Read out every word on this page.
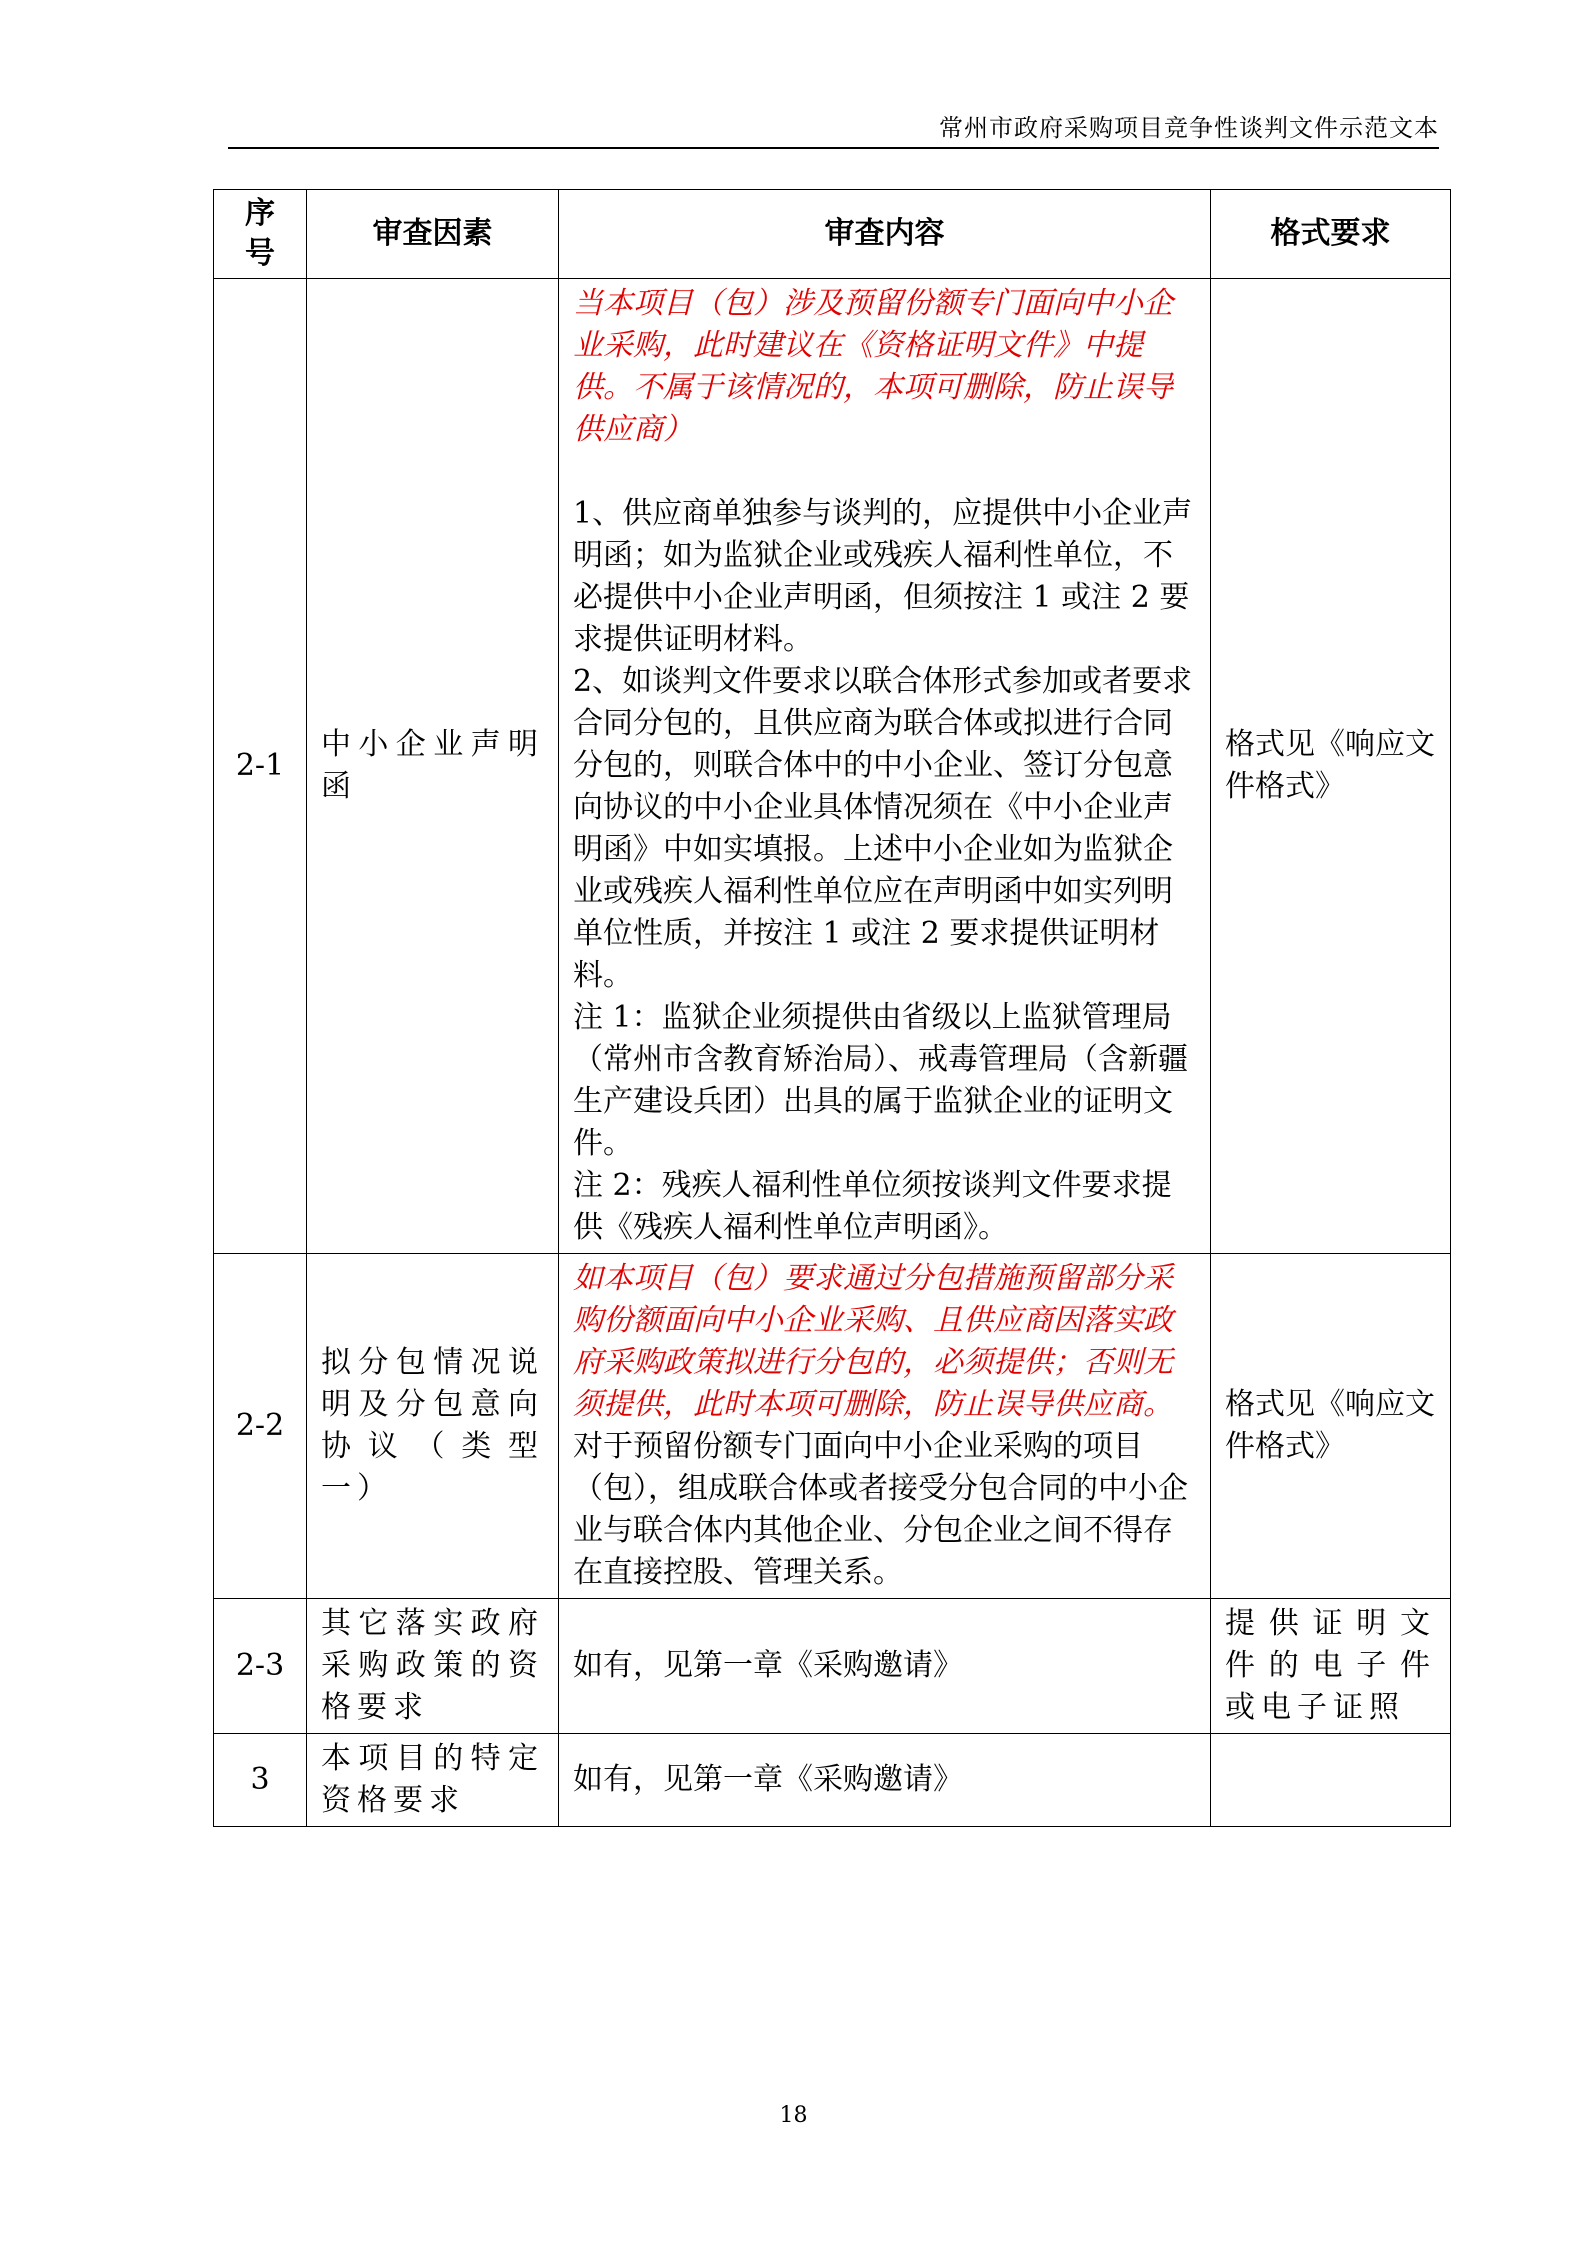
常州市政府采购项目竞争性谈判文件示范文本
序号	审查因素	审查内容	格式要求
2-1	中小企业声明函	当本项目（包）涉及预留份额专门面向中小企业采购，此时建议在《资格证明文件》中提供。不属于该情况的，本项可删除，防止误导供应商）

1、供应商单独参与谈判的，应提供中小企业声明函；如为监狱企业或残疾人福利性单位，不必提供中小企业声明函，但须按注 1 或注 2 要求提供证明材料。

2、如谈判文件要求以联合体形式参加或者要求合同分包的，且供应商为联合体或拟进行合同分包的，则联合体中的中小企业、签订分包意向协议的中小企业具体情况须在《中小企业声明函》中如实填报。上述中小企业如为监狱企业或残疾人福利性单位应在声明函中如实列明单位性质，并按注 1 或注 2 要求提供证明材料。

注 1：监狱企业须提供由省级以上监狱管理局（常州市含教育矫治局）、戒毒管理局（含新疆生产建设兵团）出具的属于监狱企业的证明文件。

注 2：残疾人福利性单位须按谈判文件要求提供《残疾人福利性单位声明函》。	格式见《响应文件格式》
2-2	拟分包情况说明及分包意向协议（类型一）	如本项目（包）要求通过分包措施预留部分采购份额面向中小企业采购、且供应商因落实政府采购政策拟进行分包的，必须提供；否则无须提供，此时本项可删除，防止误导供应商。

对于预留份额专门面向中小企业采购的项目（包），组成联合体或者接受分包合同的中小企业与联合体内其他企业、分包企业之间不得存在直接控股、管理关系。	格式见《响应文件格式》
2-3	其它落实政府采购政策的资格要求	如有，见第一章《采购邀请》	提供证明文件的电子件或电子证照
3	本项目的特定资格要求	如有，见第一章《采购邀请》	
18
